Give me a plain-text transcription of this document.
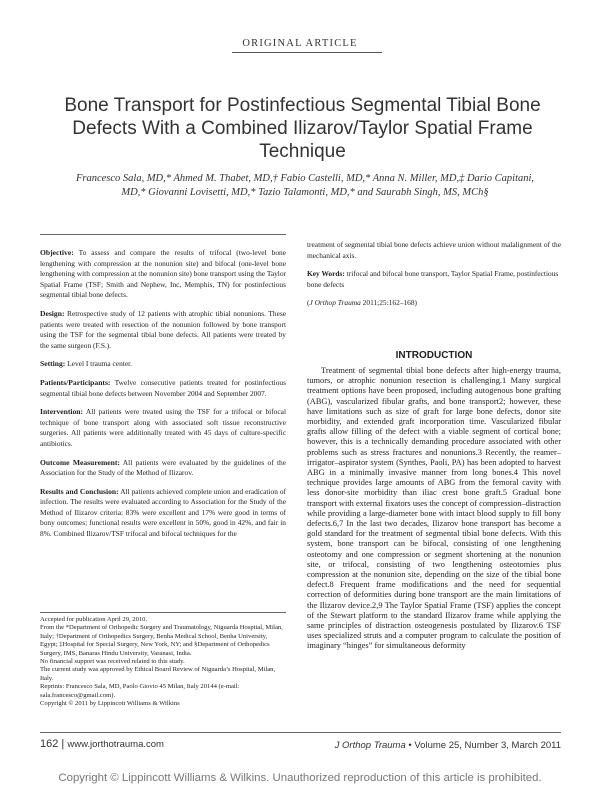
ORIGINAL ARTICLE
Bone Transport for Postinfectious Segmental Tibial Bone Defects With a Combined Ilizarov/Taylor Spatial Frame Technique
Francesco Sala, MD,* Ahmed M. Thabet, MD,† Fabio Castelli, MD,* Anna N. Miller, MD,‡ Dario Capitani, MD,* Giovanni Lovisetti, MD,* Tazio Talamonti, MD,* and Saurabh Singh, MS, MCh§

Objective: To assess and compare the results of trifocal (two-level bone lengthening with compression at the nonunion site) and bifocal (one-level bone lengthening with compression at the nonunion site) bone transport using the Taylor Spatial Frame (TSF; Smith and Nephew, Inc, Memphis, TN) for postinfectious segmental tibial bone defects.

Design: Retrospective study of 12 patients with atrophic tibial nonunions. These patients were treated with resection of the nonunion followed by bone transport using the TSF for the segmental tibial bone defects. All patients were treated by the same surgeon (F.S.).

Setting: Level I trauma center.

Patients/Participants: Twelve consecutive patients treated for postinfectious segmental tibial bone defects between November 2004 and September 2007.

Intervention: All patients were treated using the TSF for a trifocal or bifocal technique of bone transport along with associated soft tissue reconstructive surgeries. All patients were additionally treated with 45 days of culture-specific antibiotics.

Outcome Measurement: All patients were evaluated by the guidelines of the Association for the Study of the Method of Ilizarov.

Results and Conclusion: All patients achieved complete union and eradication of infection. The results were evaluated according to Association for the Study of the Method of Ilizarov criteria: 83% were excellent and 17% were good in terms of bony outcomes; functional results were excellent in 50%, good in 42%, and fair in 8%. Combined Ilizarov/TSF trifocal and bifocal techniques for the

treatment of segmental tibial bone defects achieve union without malalignment of the mechanical axis.

Key Words: trifocal and bifocal bone transport, Taylor Spatial Frame, postinfectious bone defects

(J Orthop Trauma 2011;25:162–168)

INTRODUCTION

Treatment of segmental tibial bone defects after high-energy trauma, tumors, or atrophic nonunion resection is challenging.1 Many surgical treatment options have been proposed, including autogenous bone grafting (ABG), vascularized fibular grafts, and bone transport2; however, these have limitations such as size of graft for large bone defects, donor site morbidity, and extended graft incorporation time. Vascularized fibular grafts allow filling of the defect with a viable segment of cortical bone; however, this is a technically demanding procedure associated with other problems such as stress fractures and nonunions.3 Recently, the reamer–irrigator–aspirator system (Synthes, Paoli, PA) has been adopted to harvest ABG in a minimally invasive manner from long bones.4 This novel technique provides large amounts of ABG from the femoral cavity with less donor-site morbidity than iliac crest bone graft.5 Gradual bone transport with external fixators uses the concept of compression–distraction while providing a large-diameter bone with intact blood supply to fill bony defects.6,7 In the last two decades, Ilizarov bone transport has become a gold standard for the treatment of segmental tibial bone defects. With this system, bone transport can be bifocal, consisting of one lengthening osteotomy and one compression or segment shortening at the nonunion site, or trifocal, consisting of two lengthening osteotomies plus compression at the nonunion site, depending on the size of the tibial bone defect.8 Frequent frame modifications and the need for sequential correction of deformities during bone transport are the main limitations of the Ilizarov device.2,9 The Taylor Spatial Frame (TSF) applies the concept of the Stewart platform to the standard Ilizarov frame while applying the same principles of distraction osteogenesis postulated by Ilizarov.6 TSF uses specialized struts and a computer program to calculate the position of imaginary “hinges” for simultaneous deformity

Accepted for publication April 29, 2010.

From the *Department of Orthopedic Surgery and Traumatology, Niguarda Hospital, Milan, Italy; †Department of Orthopedics Surgery, Benha Medical School, Benha University, Egypt; ‡Hospital for Special Surgery, New York, NY; and §Department of Orthopedics Surgery, IMS, Banaras Hindu University, Varanasi, India.

No financial support was received related to this study.

The current study was approved by Ethical Board Review of Niguarda’s Hospital, Milan, Italy.

Reprints: Francesco Sala, MD, Paolo Giovio 45 Milan, Italy 20144 (e-mail: sala.francesco@gmail.com).

Copyright © 2011 by Lippincott Williams & Wilkins

162 | www.jorthotrauma.com	J Orthop Trauma • Volume 25, Number 3, March 2011
Copyright © Lippincott Williams & Wilkins. Unauthorized reproduction of this article is prohibited.
